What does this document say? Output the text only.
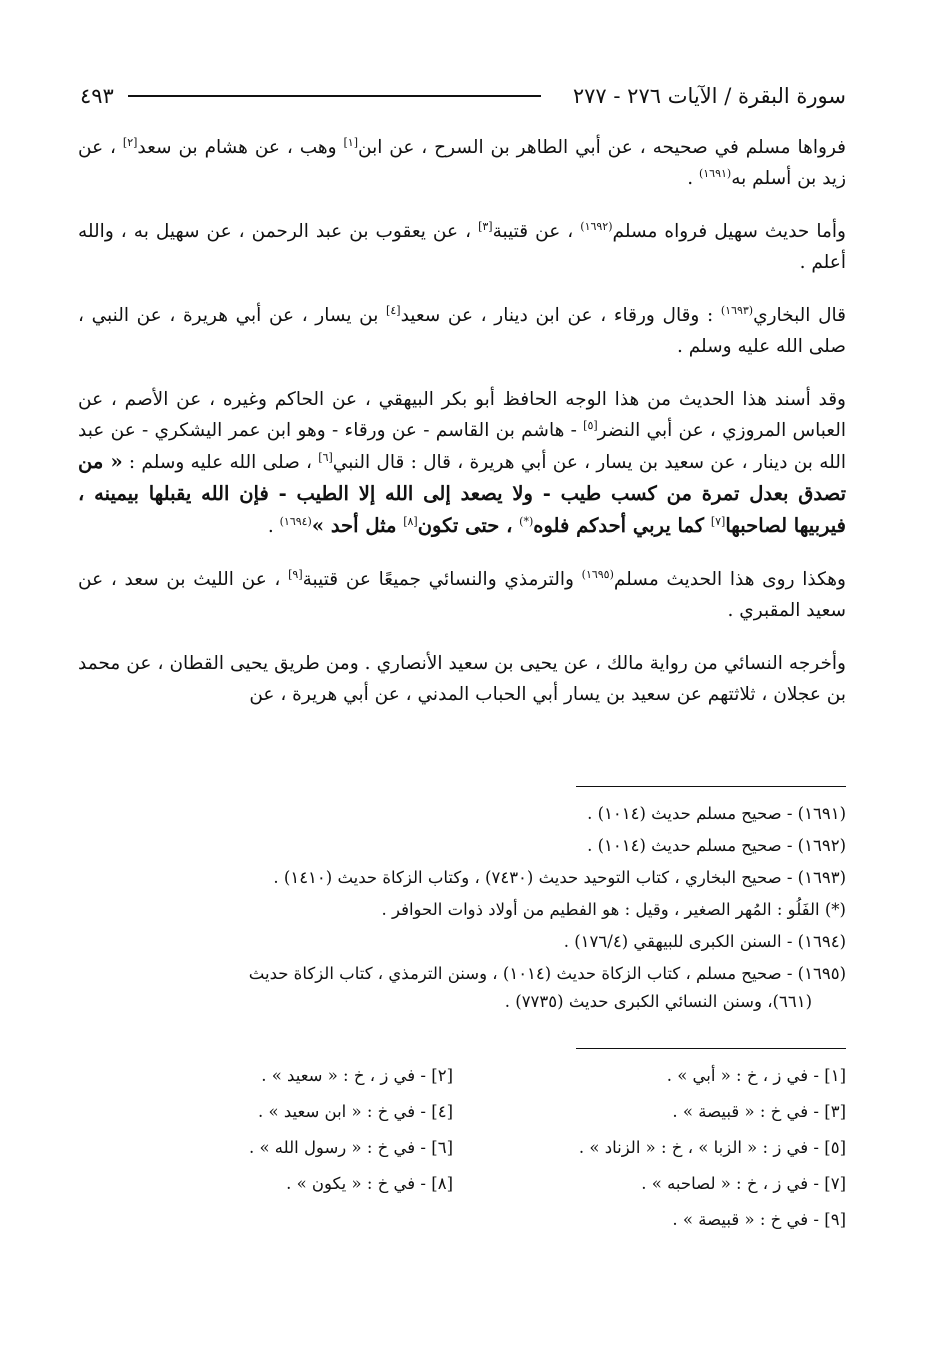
سورة البقرة / الآيات ٢٧٦ - ٢٧٧
٤٩٣

فرواها مسلم في صحيحه ، عن أبي الطاهر بن السرح ، عن ابن[١] وهب ، عن هشام بن سعد[٢] ، عن زيد بن أسلم به$^{(١٦٩١)}$ .

وأما حديث سهيل فرواه مسلم$^{(١٦٩٢)}$ ، عن قتيبة[٣] ، عن يعقوب بن عبد الرحمن ، عن سهيل به ، والله أعلم .

قال البخاري$^{(١٦٩٣)}$ : وقال ورقاء ، عن ابن دينار ، عن سعيد[٤] بن يسار ، عن أبي هريرة ، عن النبي ، صلى الله عليه وسلم .

وقد أسند هذا الحديث من هذا الوجه الحافظ أبو بكر البيهقي ، عن الحاكم وغيره ، عن الأصم ، عن العباس المروزي ، عن أبي النضر[٥] - هاشم بن القاسم - عن ورقاء - وهو ابن عمر اليشكري - عن عبد الله بن دينار ، عن سعيد بن يسار ، عن أبي هريرة ، قال : قال النبي[٦] ، صلى الله عليه وسلم : « من تصدق بعدل تمرة من كسب طيب - ولا يصعد إلى الله إلا الطيب - فإن الله يقبلها بيمينه ، فيربيها لصاحبها[٧] كما يربي أحدكم فلوه(*) ، حتى تكون[٨] مثل أحد »$^{(١٦٩٤)}$ .

وهكذا روى هذا الحديث مسلم$^{(١٦٩٥)}$ والترمذي والنسائي جميعًا عن قتيبة[٩] ، عن الليث بن سعد ، عن سعيد المقبري .

وأخرجه النسائي من رواية مالك ، عن يحيى بن سعيد الأنصاري . ومن طريق يحيى القطان ، عن محمد بن عجلان ، ثلاثتهم عن سعيد بن يسار أبي الحباب المدني ، عن أبي هريرة ، عن

(١٦٩١) - صحيح مسلم حديث (١٠١٤) .
(١٦٩٢) - صحيح مسلم حديث (١٠١٤) .
(١٦٩٣) - صحيح البخاري ، كتاب التوحيد حديث (٧٤٣٠) ، وكتاب الزكاة حديث (١٤١٠) .
(*) الفَلُو : المُهر الصغير ، وقيل : هو الفطيم من أولاد ذوات الحوافر .
(١٦٩٤) - السنن الكبرى للبيهقي (١٧٦/٤) .
(١٦٩٥) - صحيح مسلم ، كتاب الزكاة حديث (١٠١٤) ، وسنن الترمذي ، كتاب الزكاة حديث
(٦٦١)، وسنن النسائي الكبرى حديث (٧٧٣٥) .
[١] - في ز ، خ : « أبي » .
[٢] - في ز ، خ : « سعيد » .
[٣] - في خ : « قبيصة » .
[٤] - في خ : « ابن سعيد » .
[٥] - في ز : « الزبا » ، خ : « الزناد » .
[٦] - في خ : « رسول الله » .
[٧] - في ز ، خ : « لصاحبه » .
[٨] - في خ : « يكون » .
[٩] - في خ : « قبيصة » .
